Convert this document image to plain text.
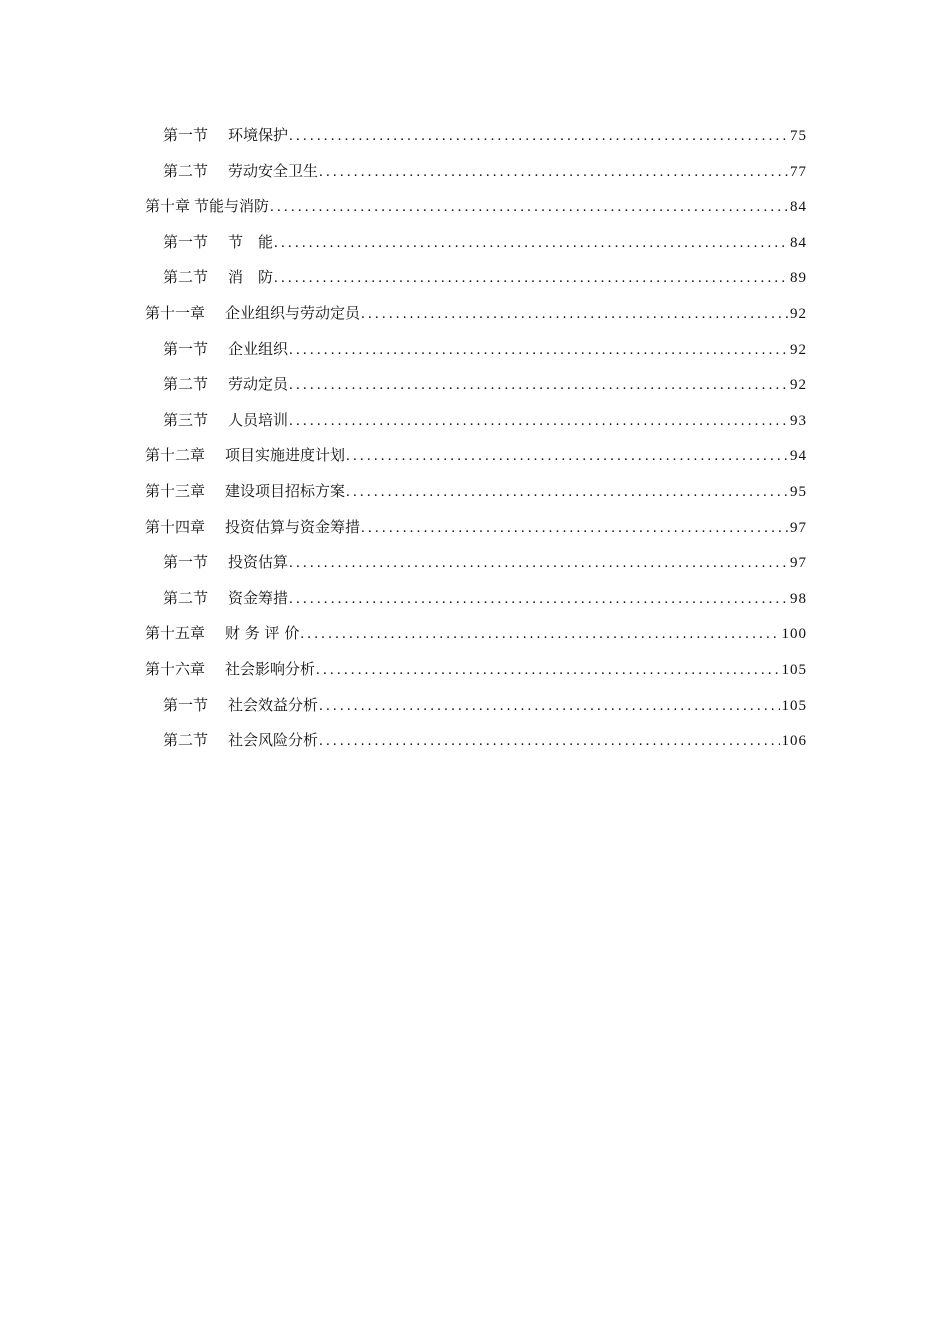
第一节 环境保护 .....	75
第二节 劳动安全卫生 .....	77
第十章 节能与消防 .....	84
第一节 节　能 .....	84
第二节 消　防 .....	89
第十一章 企业组织与劳动定员 .....	92
第一节 企业组织 .....	92
第二节 劳动定员 .....	92
第三节 人员培训 .....	93
第十二章 项目实施进度计划 .....	94
第十三章 建设项目招标方案 .....	95
第十四章 投资估算与资金筹措 .....	97
第一节 投资估算 .....	97
第二节 资金筹措 .....	98
第十五章 财 务 评 价 .....	100
第十六章 社会影响分析 .....	105
第一节 社会效益分析 .....	105
第二节 社会风险分析 .....	106
